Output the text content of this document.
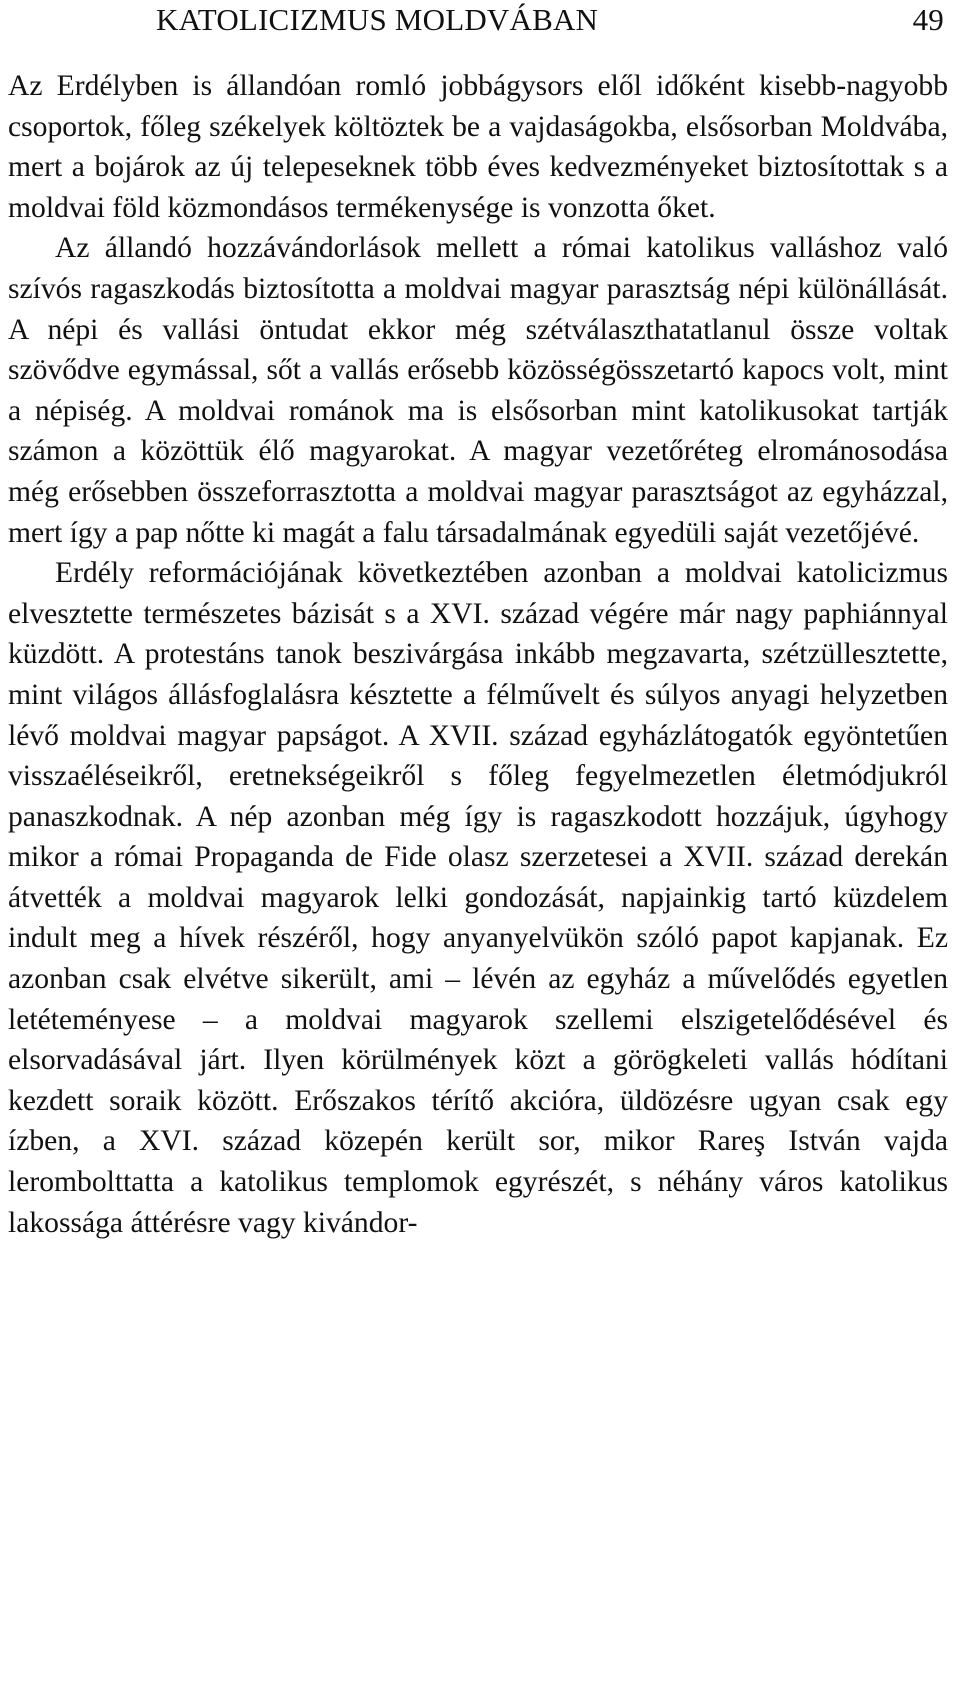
KATOLICIZMUS MOLDVÁBAN	49

Az Erdélyben is állandóan romló jobbágysors elől időként kisebb-nagyobb csoportok, főleg székelyek költöztek be a vajdaságokba, elsősorban Moldvába, mert a bojárok az új telepeseknek több éves kedvezményeket biztosítottak s a moldvai föld közmondásos termékenysége is vonzotta őket.

Az állandó hozzávándorlások mellett a római katolikus valláshoz való szívós ragaszkodás biztosította a moldvai magyar parasztság népi különállását. A népi és vallási öntudat ekkor még szétválaszthatatlanul össze voltak szövődve egymással, sőt a vallás erősebb közösségösszetartó kapocs volt, mint a népiség. A moldvai románok ma is elsősorban mint katolikusokat tartják számon a közöttük élő magyarokat. A magyar vezetőréteg elrománosodása még erősebben összeforrasztotta a moldvai magyar parasztságot az egyházzal, mert így a pap nőtte ki magát a falu társadalmának egyedüli saját vezetőjévé.

Erdély reformációjának következtében azonban a moldvai katolicizmus elvesztette természetes bázisát s a XVI. század végére már nagy paphiánnyal küzdött. A protestáns tanok beszivárgása inkább megzavarta, szétzüllesztette, mint világos állásfoglalásra késztette a félművelt és súlyos anyagi helyzetben lévő moldvai magyar papságot. A XVII. század egyházlátogatók egyöntetűen visszaéléseikről, eretnekségeikről s főleg fegyelmezetlen életmódjukról panaszkodnak. A nép azonban még így is ragaszkodott hozzájuk, úgyhogy mikor a római Propaganda de Fide olasz szerzetesei a XVII. század derekán átvették a moldvai magyarok lelki gondozását, napjainkig tartó küzdelem indult meg a hívek részéről, hogy anyanyelvükön szóló papot kapjanak. Ez azonban csak elvétve sikerült, ami – lévén az egyház a művelődés egyetlen letéteményese – a moldvai magyarok szellemi elszigetelődésével és elsorvadásával járt. Ilyen körülmények közt a görögkeleti vallás hódítani kezdett soraik között. Erőszakos térítő akcióra, üldözésre ugyan csak egy ízben, a XVI. század közepén került sor, mikor Rareş István vajda lerombolttatta a katolikus templomok egyrészét, s néhány város katolikus lakossága áttérésre vagy kivándor-
